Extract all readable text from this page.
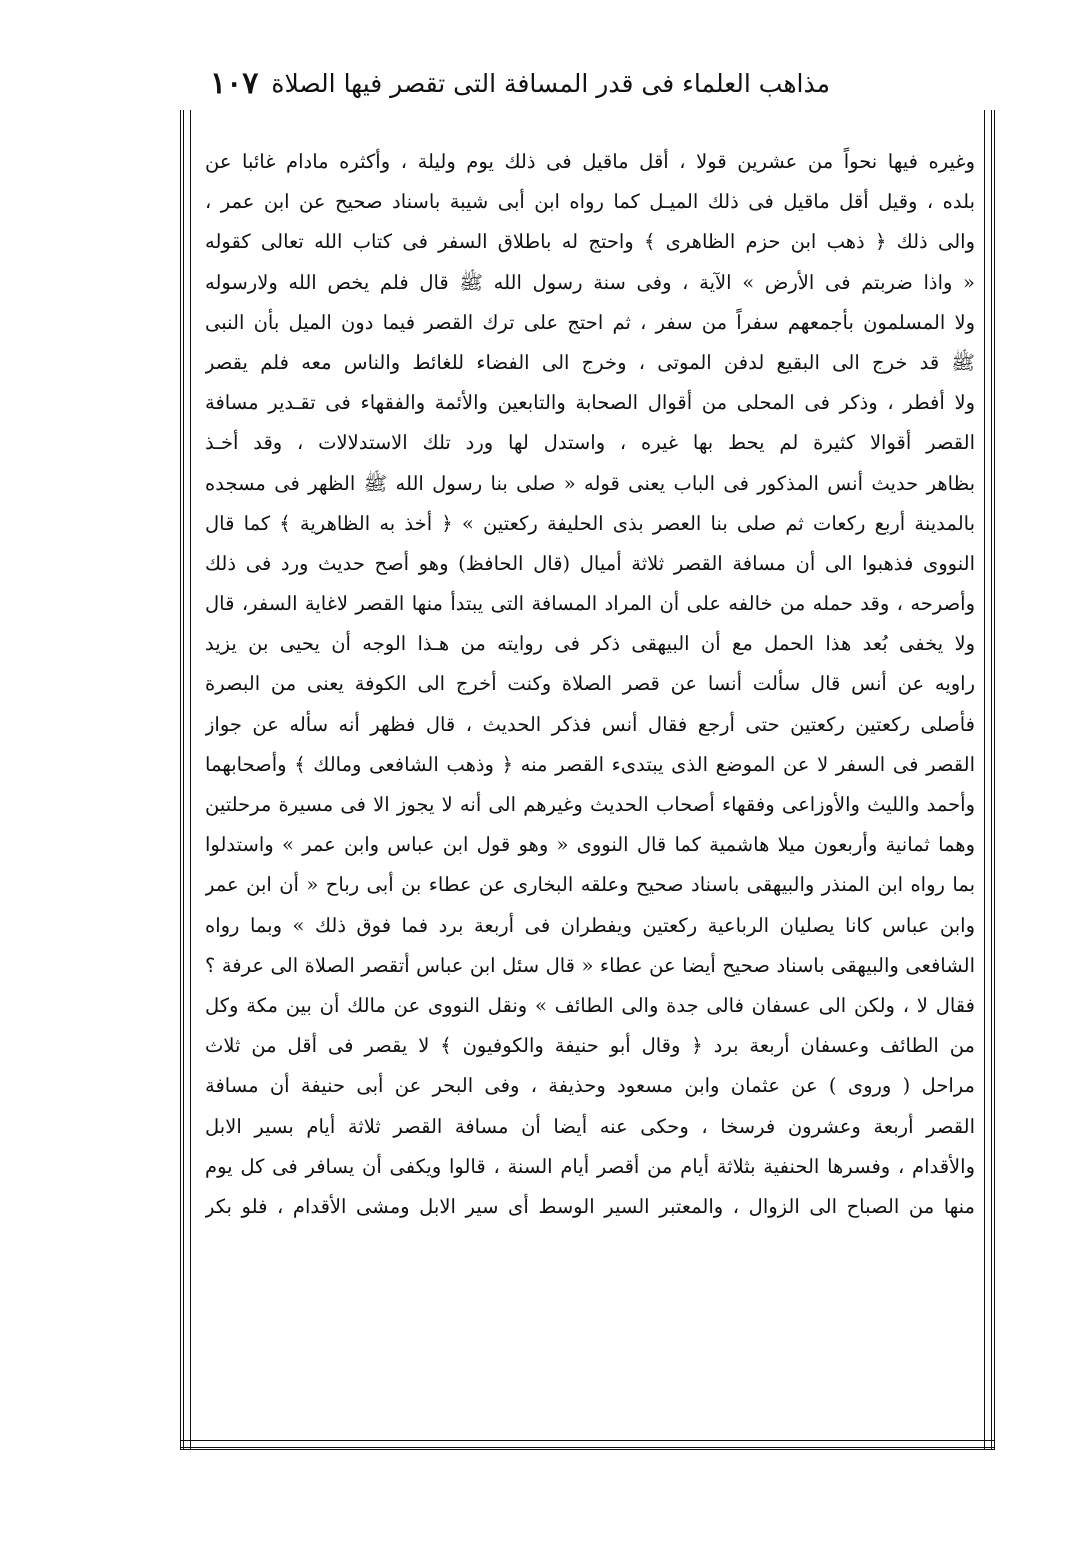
مذاهب العلماء فى قدر المسافة التى تقصر فيها الصلاة
١٠٧
وغيره فيها نحواً من عشرين قولا ، أقل ماقيل فى ذلك يوم وليلة ، وأكثره مادام غائبا عن
بلده ، وقيل أقل ماقيل فى ذلك الميـل كما رواه ابن أبى شيبة باسناد صحيح عن ابن عمر ،
والى ذلك ﴿ ذهب ابن حزم الظاهرى ﴾ واحتج له باطلاق السفر فى كتاب الله تعالى كقوله
« واذا ضربتم فى الأرض » الآية ، وفى سنة رسول الله ﷺ قال فلم يخص الله ولارسوله
ولا المسلمون بأجمعهم سفراً من سفر ، ثم احتج على ترك القصر فيما دون الميل بأن النبى
ﷺ قد خرج الى البقيع لدفن الموتى ، وخرج الى الفضاء للغائط والناس معه فلم يقصر
ولا أفطر ، وذكر فى المحلى من أقوال الصحابة والتابعين والأئمة والفقهاء فى تقـدير مسافة
القصر أقوالا كثيرة لم يحط بها غيره ، واستدل لها ورد تلك الاستدلالات ، وقد أخـذ
بظاهر حديث أنس المذكور فى الباب يعنى قوله « صلى بنا رسول الله ﷺ الظهر فى مسجده
بالمدينة أربع ركعات ثم صلى بنا العصر بذى الحليفة ركعتين » ﴿ أخذ به الظاهرية ﴾ كما قال
النووى فذهبوا الى أن مسافة القصر ثلاثة أميال (قال الحافظ) وهو أصح حديث ورد فى ذلك
وأصرحه ، وقد حمله من خالفه على أن المراد المسافة التى يبتدأ منها القصر لاغاية السفر، قال
ولا يخفى بُعد هذا الحمل مع أن البيهقى ذكر فى روايته من هـذا الوجه أن يحيى بن يزيد
راويه عن أنس قال سألت أنسا عن قصر الصلاة وكنت أخرج الى الكوفة يعنى من البصرة
فأصلى ركعتين ركعتين حتى أرجع فقال أنس فذكر الحديث ، قال فظهر أنه سأله عن جواز
القصر فى السفر لا عن الموضع الذى يبتدىء القصر منه ﴿ وذهب الشافعى ومالك ﴾ وأصحابهما
وأحمد والليث والأوزاعى وفقهاء أصحاب الحديث وغيرهم الى أنه لا يجوز الا فى مسيرة مرحلتين
وهما ثمانية وأربعون ميلا هاشمية كما قال النووى « وهو قول ابن عباس وابن عمر » واستدلوا
بما رواه ابن المنذر والبيهقى باسناد صحيح وعلقه البخارى عن عطاء بن أبى رباح « أن ابن عمر
وابن عباس كانا يصليان الرباعية ركعتين ويفطران فى أربعة برد فما فوق ذلك » وبما رواه
الشافعى والبيهقى باسناد صحيح أيضا عن عطاء « قال سئل ابن عباس أتقصر الصلاة الى عرفة ؟
فقال لا ، ولكن الى عسفان فالى جدة والى الطائف » ونقل النووى عن مالك أن بين مكة وكل
من الطائف وعسفان أربعة برد ﴿ وقال أبو حنيفة والكوفيون ﴾ لا يقصر فى أقل من ثلاث
مراحل ( وروى ) عن عثمان وابن مسعود وحذيفة ، وفى البحر عن أبى حنيفة أن مسافة
القصر أربعة وعشرون فرسخا ، وحكى عنه أيضا أن مسافة القصر ثلاثة أيام بسير الابل
والأقدام ، وفسرها الحنفية بثلاثة أيام من أقصر أيام السنة ، قالوا ويكفى أن يسافر فى كل يوم
منها من الصباح الى الزوال ، والمعتبر السير الوسط أى سير الابل ومشى الأقدام ، فلو بكر
